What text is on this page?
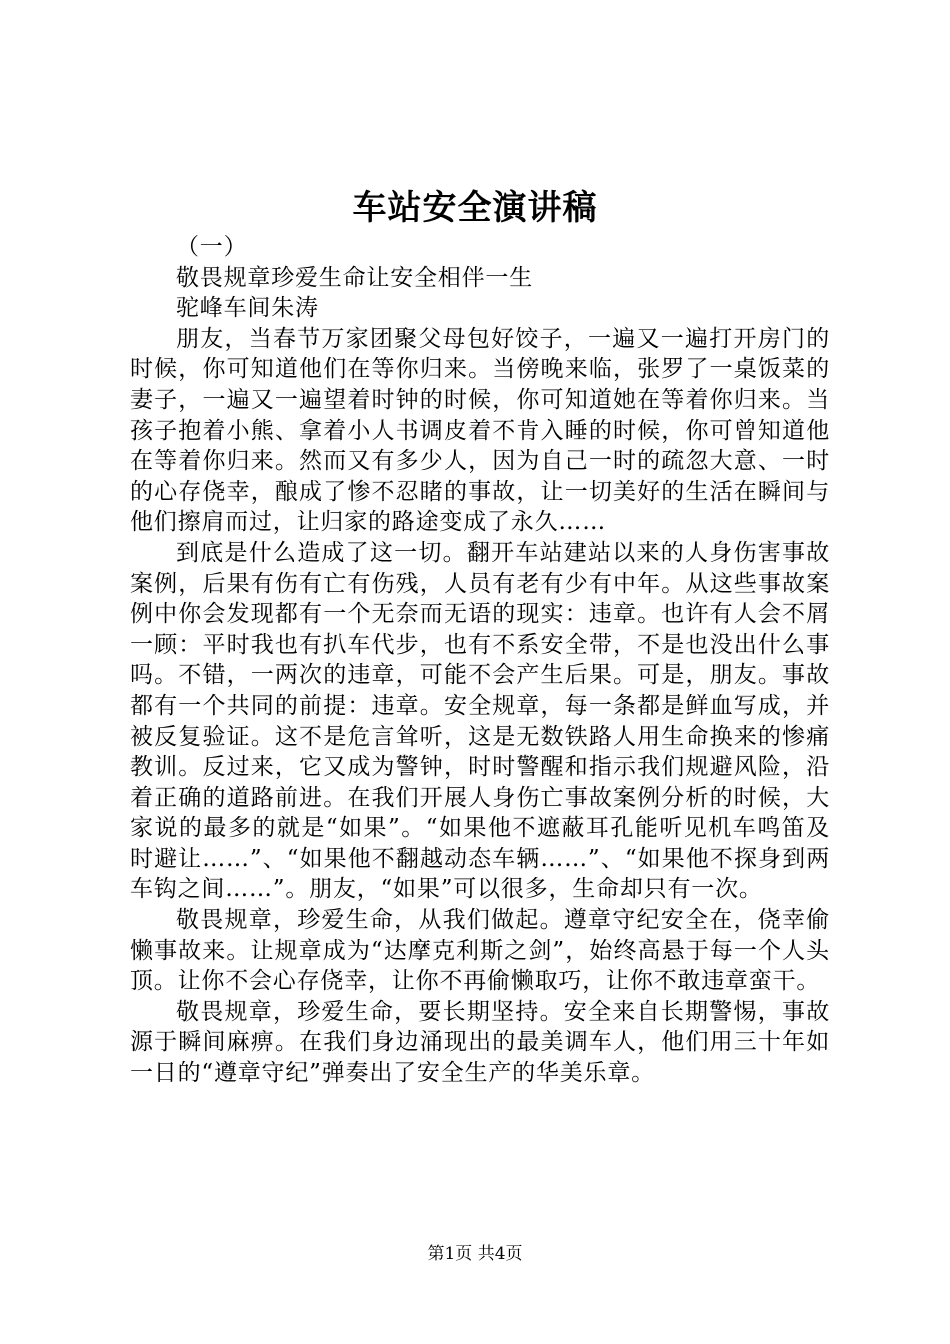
车站安全演讲稿
（一）
敬畏规章珍爱生命让安全相伴一生
驼峰车间朱涛

朋友，当春节万家团聚父母包好饺子，一遍又一遍打开房门的时候，你可知道他们在等你归来。当傍晚来临，张罗了一桌饭菜的妻子，一遍又一遍望着时钟的时候，你可知道她在等着你归来。当孩子抱着小熊、拿着小人书调皮着不肯入睡的时候，你可曾知道他在等着你归来。然而又有多少人，因为自己一时的疏忽大意、一时的心存侥幸，酿成了惨不忍睹的事故，让一切美好的生活在瞬间与他们擦肩而过，让归家的路途变成了永久……

到底是什么造成了这一切。翻开车站建站以来的人身伤害事故案例，后果有伤有亡有伤残，人员有老有少有中年。从这些事故案例中你会发现都有一个无奈而无语的现实：违章。也许有人会不屑一顾：平时我也有扒车代步，也有不系安全带，不是也没出什么事吗。不错，一两次的违章，可能不会产生后果。可是，朋友。事故都有一个共同的前提：违章。安全规章，每一条都是鲜血写成，并被反复验证。这不是危言耸听，这是无数铁路人用生命换来的惨痛教训。反过来，它又成为警钟，时时警醒和指示我们规避风险，沿着正确的道路前进。在我们开展人身伤亡事故案例分析的时候，大家说的最多的就是“如果”。“如果他不遮蔽耳孔能听见机车鸣笛及时避让……”、“如果他不翻越动态车辆……”、“如果他不探身到两车钩之间……”。朋友，“如果”可以很多，生命却只有一次。

敬畏规章，珍爱生命，从我们做起。遵章守纪安全在，侥幸偷懒事故来。让规章成为“达摩克利斯之剑”，始终高悬于每一个人头顶。让你不会心存侥幸，让你不再偷懒取巧，让你不敢违章蛮干。

敬畏规章，珍爱生命，要长期坚持。安全来自长期警惕，事故源于瞬间麻痹。在我们身边涌现出的最美调车人，他们用三十年如一日的“遵章守纪”弹奏出了安全生产的华美乐章。

第1页 共4页
